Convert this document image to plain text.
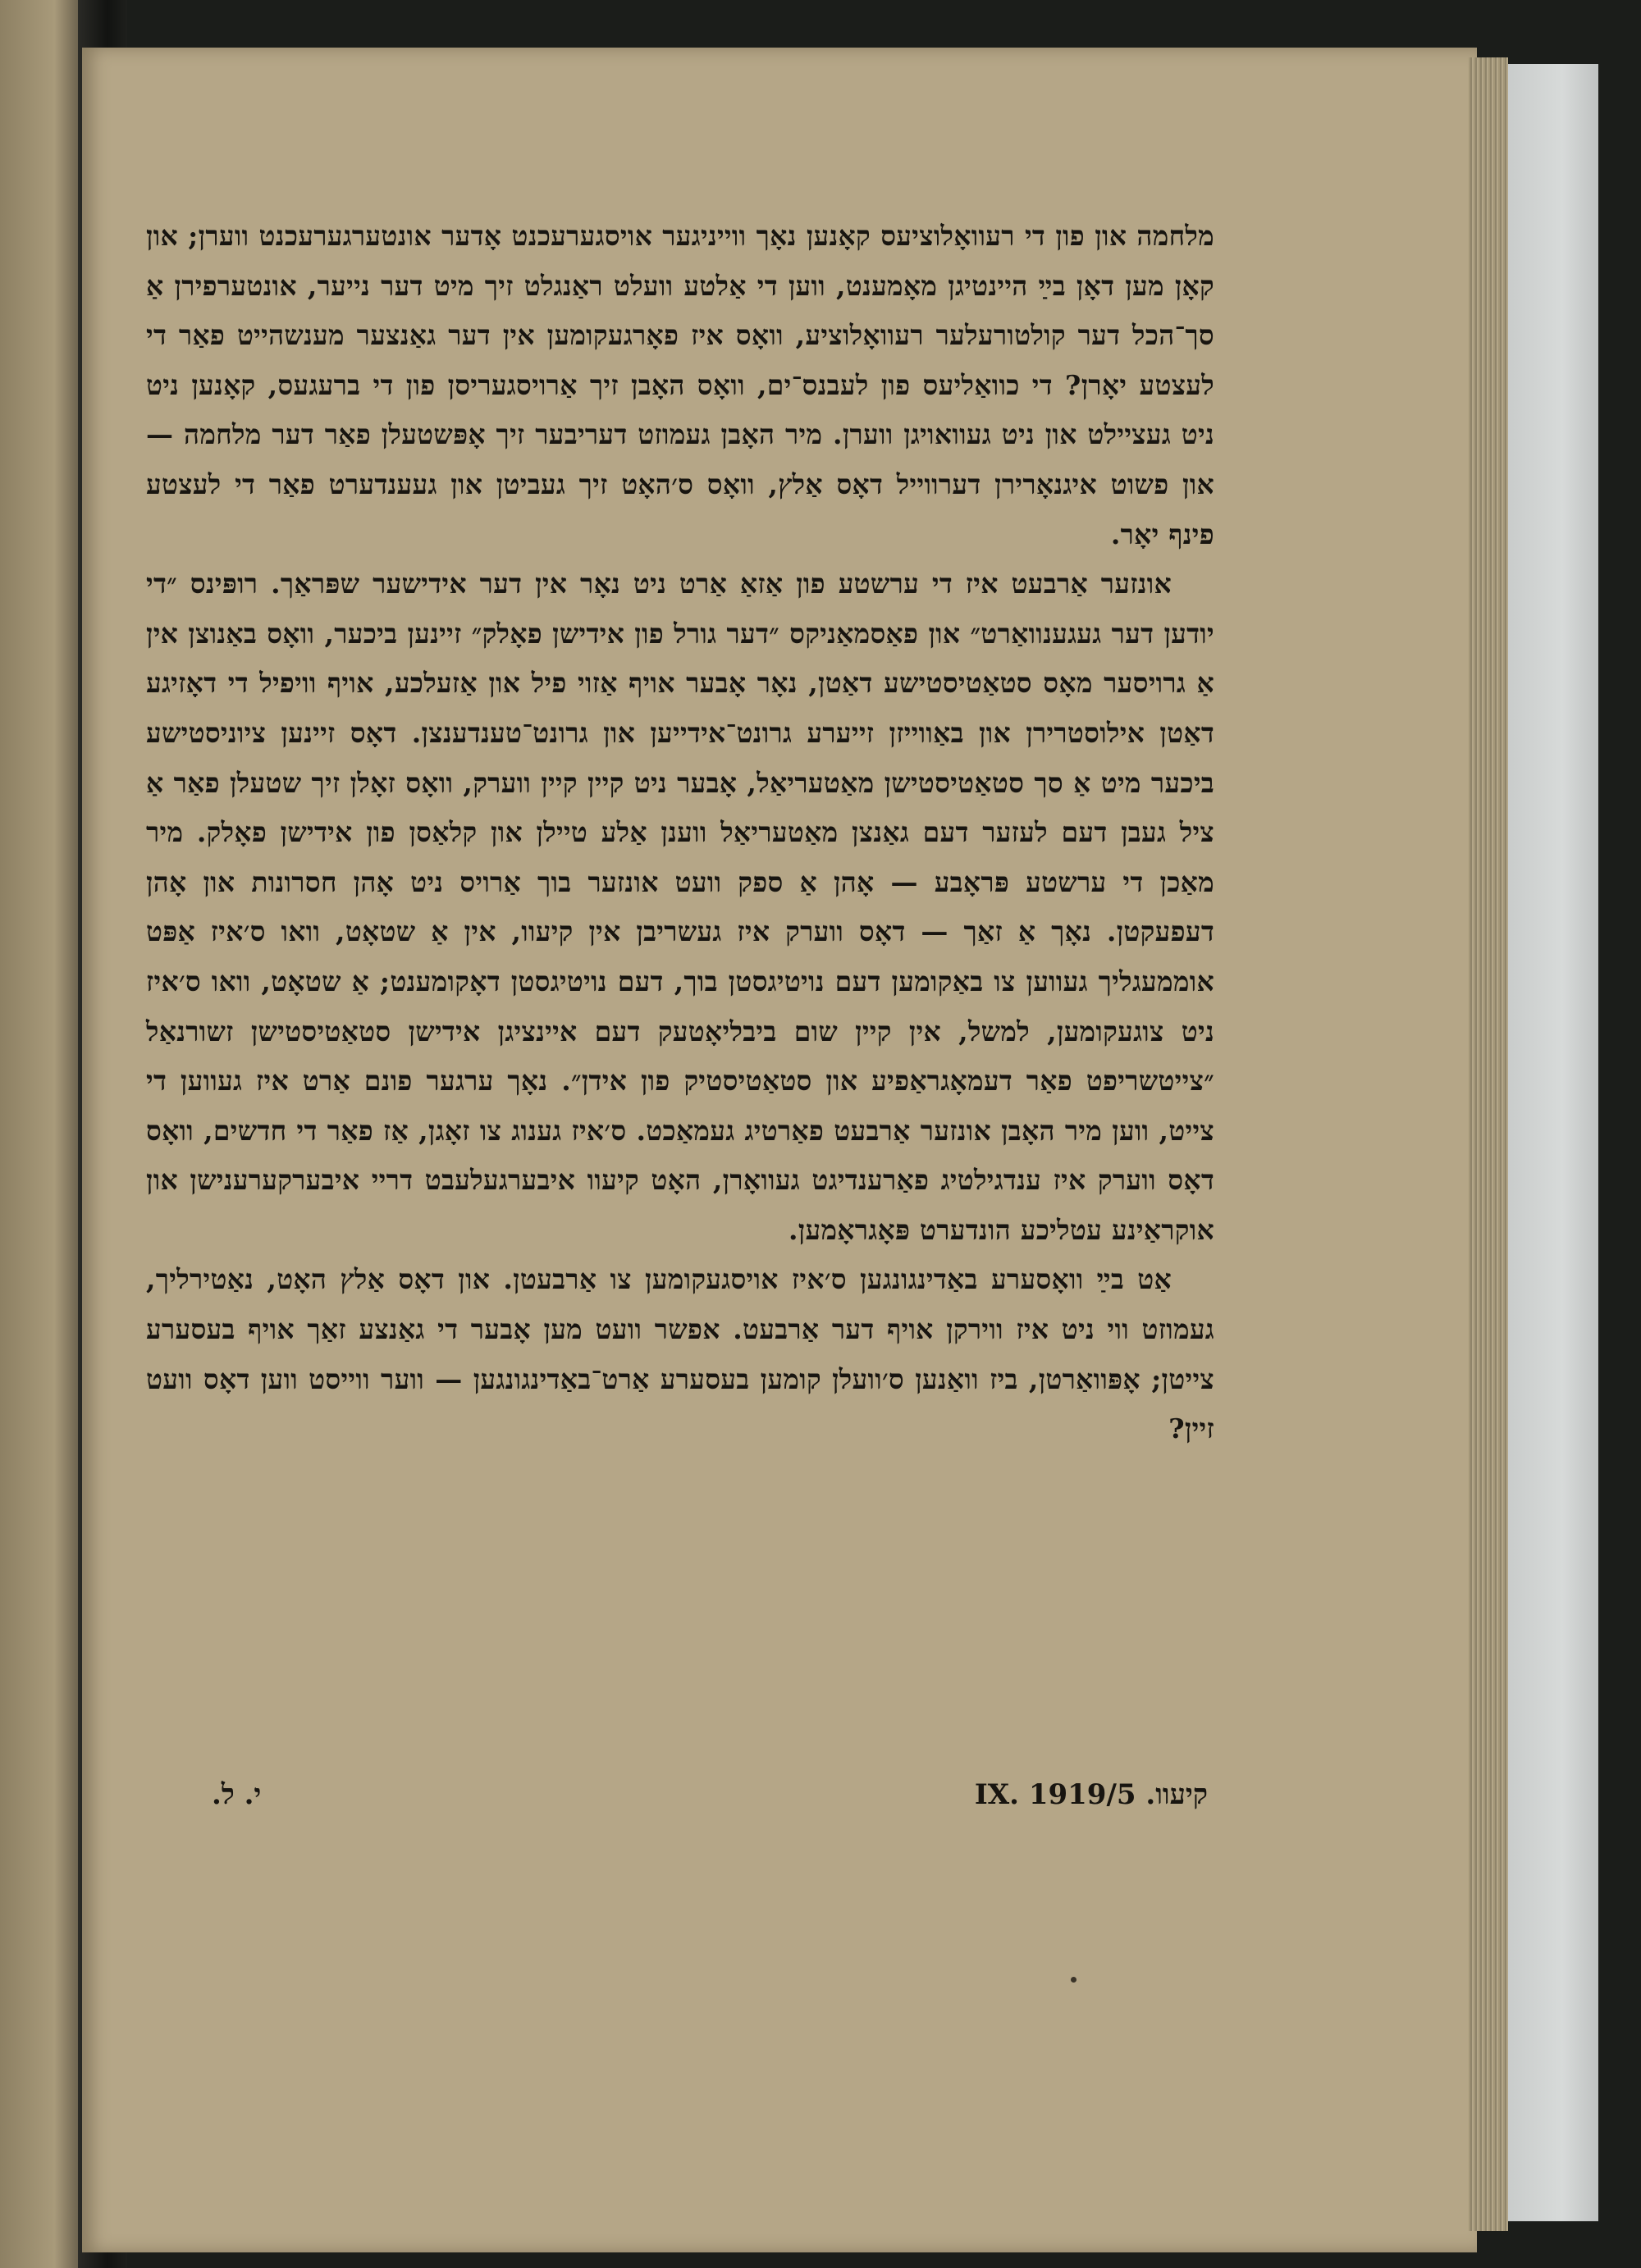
מלחמה און פון די רעוואָלוציעס קאָנען נאָך ווייניגער אויסגערעכנט אָדער אונטערגערעכנט ווערן; און קאָן מען דאָן בײַ היינטיגן מאָמענט, ווען די אַלטע וועלט ראַנגלט זיך מיט דער נייער, אונטערפירן אַ סך־הכל דער קולטורעלער רעוואָלוציע, וואָס איז פאָרגעקומען אין דער גאַנצער מענשהייט פאַר די לעצטע יאָרן? די כוואַליעס פון לעבנס־ים, וואָס האָבן זיך אַרויסגעריסן פון די ברעגעס, קאָנען ניט ניט געציילט און ניט געוואויגן ווערן. מיר האָבן געמוזט דעריבער זיך אָפּשטעלן פאַר דער מלחמה — און פשוט איגנאָרירן דערווייל דאָס אַלץ, וואָס ס׳האָט זיך געביטן און געענדערט פאַר די לעצטע פינף יאָר.

אונזער אַרבעט איז די ערשטע פון אַזאַ אַרט ניט נאָר אין דער אידישער שפּראַך. רופּינס ״די יודען דער געגענוואַרט״ און פאַסמאַניקס ״דער גורל פון אידישן פאָלק״ זיינען ביכער, וואָס באַנוצן אין אַ גרויסער מאָס סטאַטיסטישע דאַטן, נאָר אָבער אויף אַזוי פיל און אַזעלכע, אויף וויפיל די דאָזיגע דאַטן אילוסטרירן און באַווייזן זייערע גרונט־אידייען און גרונט־טענדענצן. דאָס זיינען ציוניסטישע ביכער מיט אַ סך סטאַטיסטישן מאַטעריאַל, אָבער ניט קיין קיין ווערק, וואָס זאָלן זיך שטעלן פאַר אַ ציל געבן דעם לעזער דעם גאַנצן מאַטעריאַל ווענן אַלע טיילן און קלאַסן פון אידישן פאָלק. מיר מאַכן די ערשטע פּראָבע — אָהן אַ ספק וועט אונזער בוך אַרויס ניט אָהן חסרונות און אָהן דעפעקטן. נאָך אַ זאַך — דאָס ווערק איז געשריבן אין קיעוו, אין אַ שטאָט, וואו ס׳איז אַפּט אוממעגליך געווען צו באַקומען דעם נויטיגסטן בוך, דעם נויטיגסטן דאָקומענט; אַ שטאָט, וואו ס׳איז ניט צוגעקומען, למשל, אין קיין שום ביבליאָטעק דעם איינציגן אידישן סטאַטיסטישן זשורנאַל ״צייטשריפט פאַר דעמאָגראַפיע און סטאַטיסטיק פון אידן״. נאָך ערגער פונם אַרט איז געווען די צייט, ווען מיר האָבן אונזער אַרבעט פאַרטיג געמאַכט. ס׳איז גענוג צו זאָגן, אַז פאַר די חדשים, וואָס דאָס ווערק איז ענדגילטיג פאַרענדיגט געוואָרן, האָט קיעוו איבערגעלעבט דריי איבערקערענישן און אוקראַינע עטליכע הונדערט פּאָגראָמען.

אַט בײַ וואָסערע באַדינגונגען ס׳איז אויסגעקומען צו אַרבעטן. און דאָס אַלץ האָט, נאַטירליך, געמוזט ווי ניט איז ווירקן אויף דער אַרבעט. אפשר וועט מען אָבער די גאַנצע זאַך אויף בעסערע צייטן; אָפּוואַרטן, ביז וואַנען ס׳וועלן קומען בעסערע אַרט־באַדינגונגען — ווער ווייסט ווען דאָס וועט זיין?

קיעוו. 5/IX. 1919
י. ל.
